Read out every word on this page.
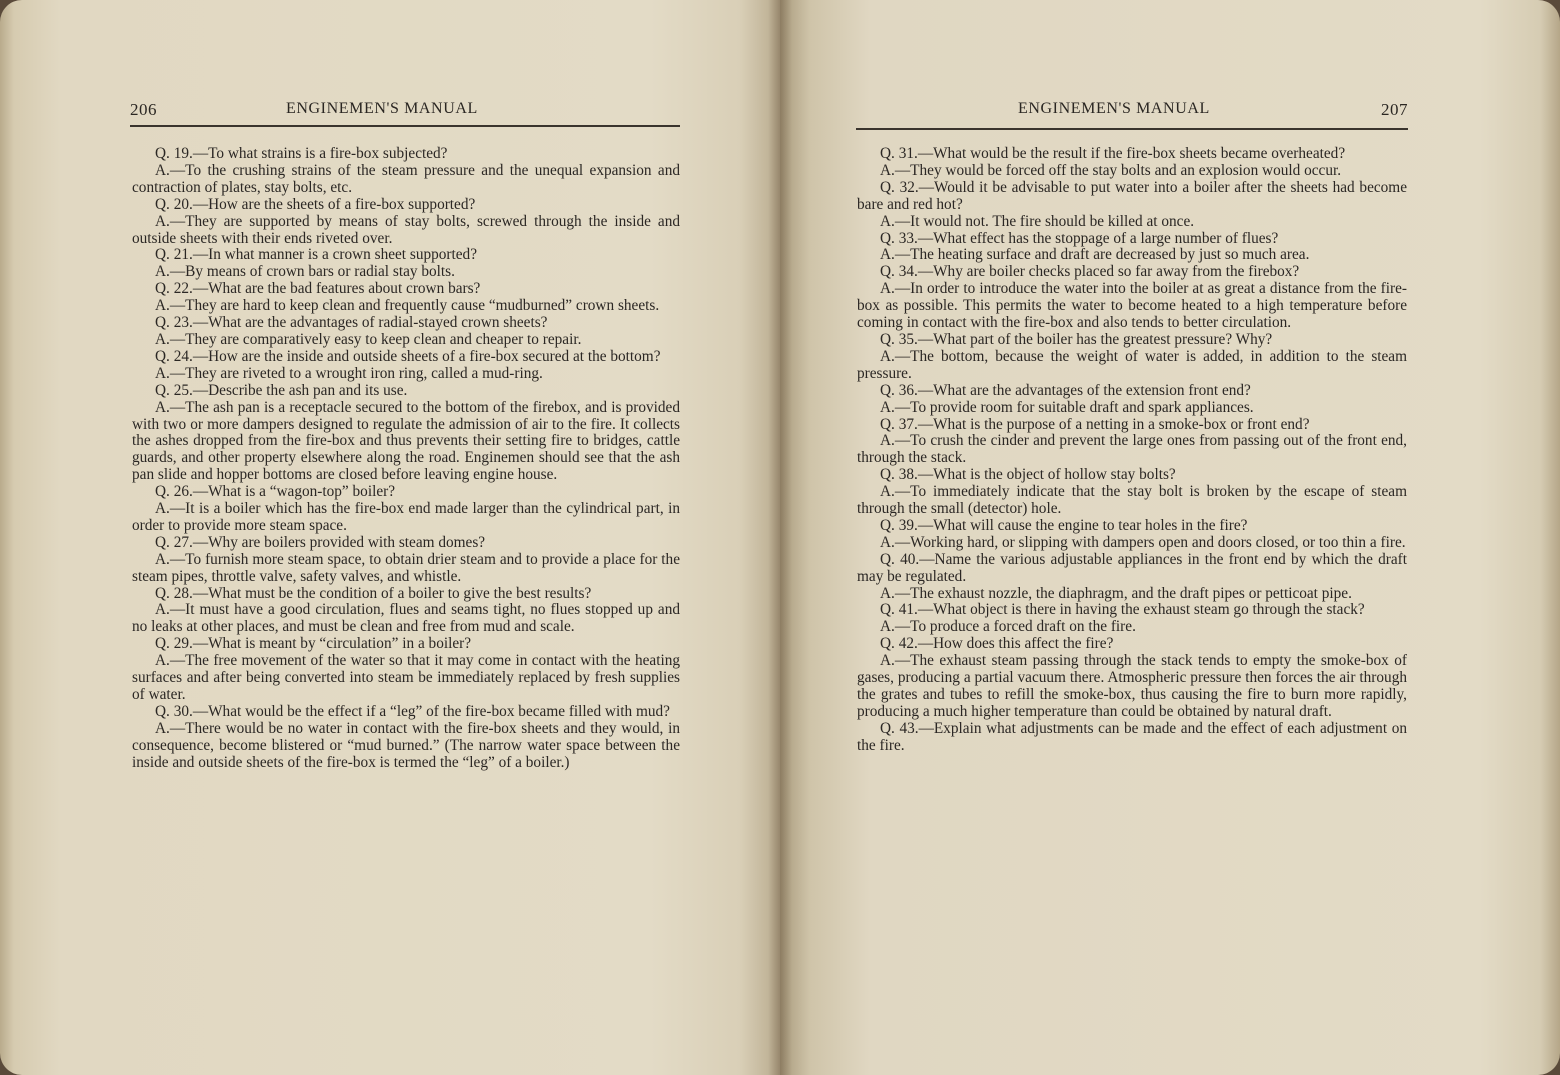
206	ENGINEMEN'S MANUAL

Q. 19.—To what strains is a fire-box subjected?

A.—To the crushing strains of the steam pressure and the unequal expansion and contraction of plates, stay bolts, etc.

Q. 20.—How are the sheets of a fire-box supported?

A.—They are supported by means of stay bolts, screwed through the inside and outside sheets with their ends riveted over.

Q. 21.—In what manner is a crown sheet supported?

A.—By means of crown bars or radial stay bolts.

Q. 22.—What are the bad features about crown bars?

A.—They are hard to keep clean and frequently cause “mudburned” crown sheets.

Q. 23.—What are the advantages of radial-stayed crown sheets?

A.—They are comparatively easy to keep clean and cheaper to repair.

Q. 24.—How are the inside and outside sheets of a fire-box secured at the bottom?

A.—They are riveted to a wrought iron ring, called a mud-ring.

Q. 25.—Describe the ash pan and its use.

A.—The ash pan is a receptacle secured to the bottom of the firebox, and is provided with two or more dampers designed to regulate the admission of air to the fire. It collects the ashes dropped from the fire-box and thus prevents their setting fire to bridges, cattle guards, and other property elsewhere along the road. Enginemen should see that the ash pan slide and hopper bottoms are closed before leaving engine house.

Q. 26.—What is a “wagon-top” boiler?

A.—It is a boiler which has the fire-box end made larger than the cylindrical part, in order to provide more steam space.

Q. 27.—Why are boilers provided with steam domes?

A.—To furnish more steam space, to obtain drier steam and to provide a place for the steam pipes, throttle valve, safety valves, and whistle.

Q. 28.—What must be the condition of a boiler to give the best results?

A.—It must have a good circulation, flues and seams tight, no flues stopped up and no leaks at other places, and must be clean and free from mud and scale.

Q. 29.—What is meant by “circulation” in a boiler?

A.—The free movement of the water so that it may come in contact with the heating surfaces and after being converted into steam be immediately replaced by fresh supplies of water.

Q. 30.—What would be the effect if a “leg” of the fire-box became filled with mud?

A.—There would be no water in contact with the fire-box sheets and they would, in consequence, become blistered or “mud burned.” (The narrow water space between the inside and outside sheets of the fire-box is termed the “leg” of a boiler.)

ENGINEMEN'S MANUAL	207

Q. 31.—What would be the result if the fire-box sheets became overheated?

A.—They would be forced off the stay bolts and an explosion would occur.

Q. 32.—Would it be advisable to put water into a boiler after the sheets had become bare and red hot?

A.—It would not. The fire should be killed at once.

Q. 33.—What effect has the stoppage of a large number of flues?

A.—The heating surface and draft are decreased by just so much area.

Q. 34.—Why are boiler checks placed so far away from the firebox?

A.—In order to introduce the water into the boiler at as great a distance from the fire-box as possible. This permits the water to become heated to a high temperature before coming in contact with the fire-box and also tends to better circulation.

Q. 35.—What part of the boiler has the greatest pressure? Why?

A.—The bottom, because the weight of water is added, in addition to the steam pressure.

Q. 36.—What are the advantages of the extension front end?

A.—To provide room for suitable draft and spark appliances.

Q. 37.—What is the purpose of a netting in a smoke-box or front end?

A.—To crush the cinder and prevent the large ones from passing out of the front end, through the stack.

Q. 38.—What is the object of hollow stay bolts?

A.—To immediately indicate that the stay bolt is broken by the escape of steam through the small (detector) hole.

Q. 39.—What will cause the engine to tear holes in the fire?

A.—Working hard, or slipping with dampers open and doors closed, or too thin a fire.

Q. 40.—Name the various adjustable appliances in the front end by which the draft may be regulated.

A.—The exhaust nozzle, the diaphragm, and the draft pipes or petticoat pipe.

Q. 41.—What object is there in having the exhaust steam go through the stack?

A.—To produce a forced draft on the fire.

Q. 42.—How does this affect the fire?

A.—The exhaust steam passing through the stack tends to empty the smoke-box of gases, producing a partial vacuum there. Atmospheric pressure then forces the air through the grates and tubes to refill the smoke-box, thus causing the fire to burn more rapidly, producing a much higher temperature than could be obtained by natural draft.

Q. 43.—Explain what adjustments can be made and the effect of each adjustment on the fire.
